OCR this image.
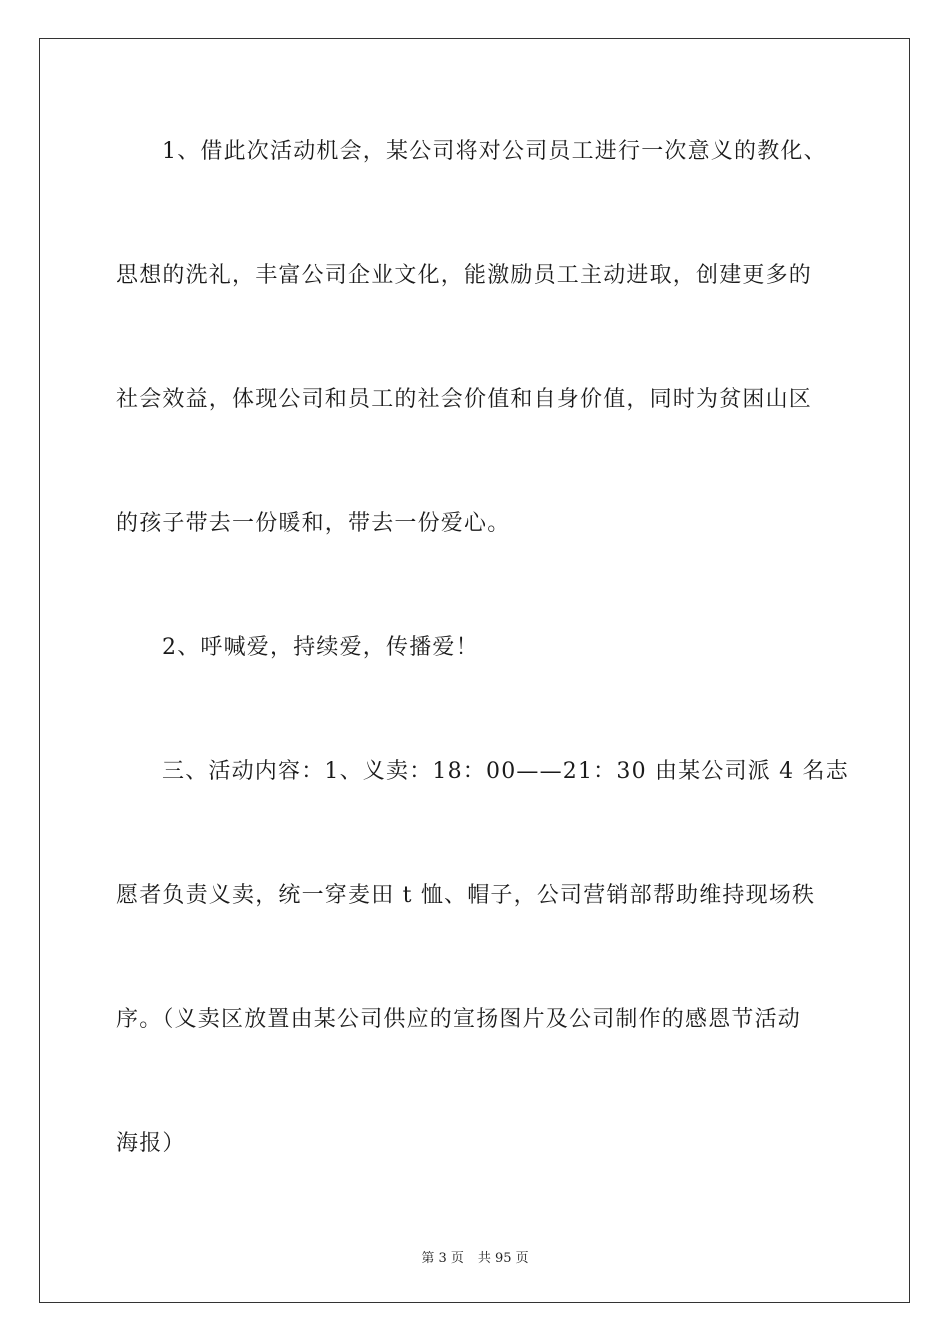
1、借此次活动机会，某公司将对公司员工进行一次意义的教化、
思想的洗礼，丰富公司企业文化，能激励员工主动进取，创建更多的
社会效益，体现公司和员工的社会价值和自身价值，同时为贫困山区
的孩子带去一份暖和，带去一份爱心。
2、呼喊爱，持续爱，传播爱！
三、活动内容：1、义卖：18：00——21：30 由某公司派 4 名志
愿者负责义卖，统一穿麦田 t 恤、帽子，公司营销部帮助维持现场秩
序。（义卖区放置由某公司供应的宣扬图片及公司制作的感恩节活动
海报）
第 3 页 共 95 页
